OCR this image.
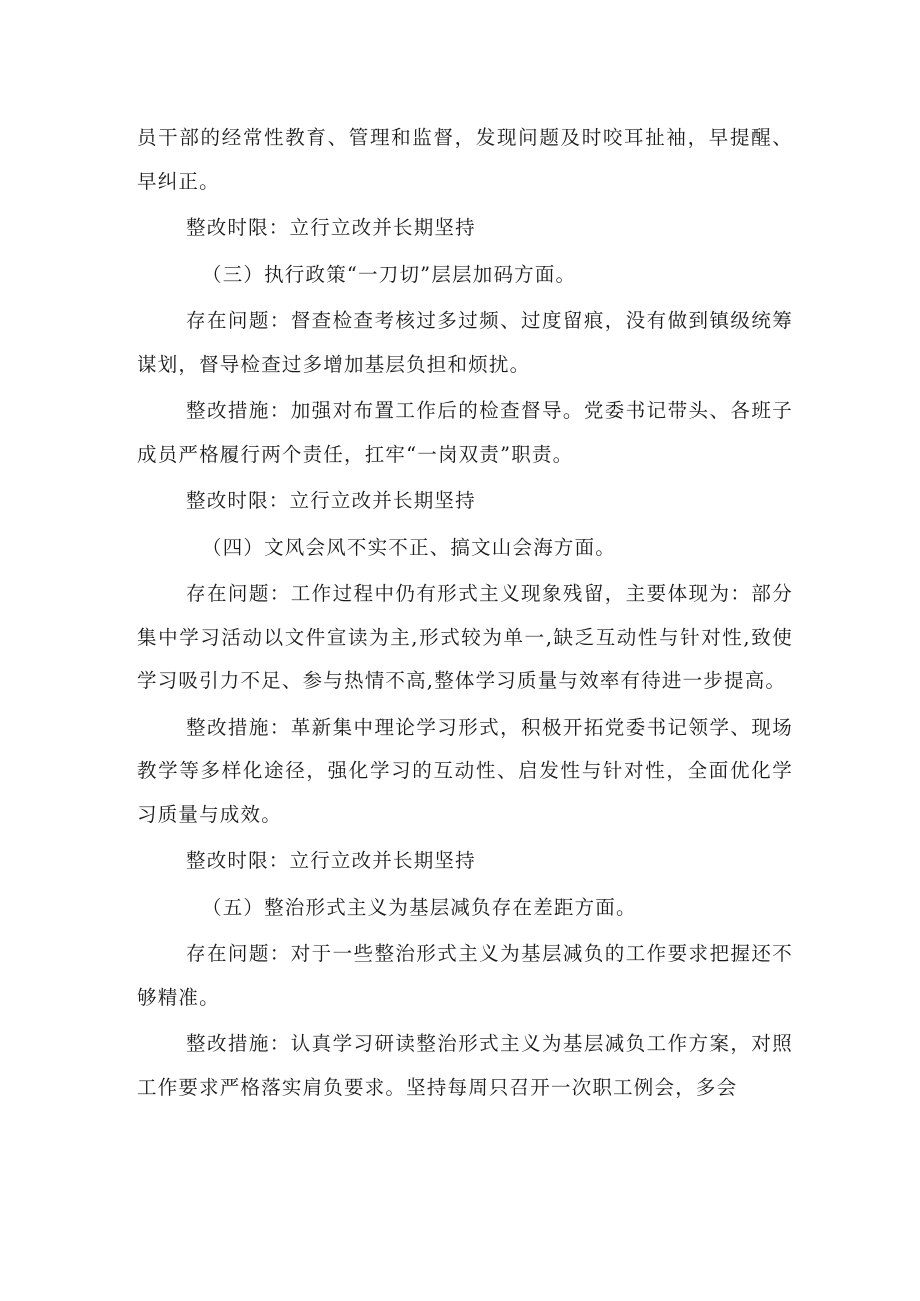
员干部的经常性教育、管理和监督，发现问题及时咬耳扯袖，早提醒、早纠正。

整改时限：立行立改并长期坚持

（三）执行政策“一刀切”层层加码方面。

存在问题：督查检查考核过多过频、过度留痕，没有做到镇级统筹谋划，督导检查过多增加基层负担和烦扰。

整改措施：加强对布置工作后的检查督导。党委书记带头、各班子成员严格履行两个责任，扛牢“一岗双责”职责。

整改时限：立行立改并长期坚持

（四）文风会风不实不正、搞文山会海方面。

存在问题：工作过程中仍有形式主义现象残留，主要体现为：部分集中学习活动以文件宣读为主,形式较为单一,缺乏互动性与针对性,致使学习吸引力不足、参与热情不高,整体学习质量与效率有待进一步提高。

整改措施：革新集中理论学习形式，积极开拓党委书记领学、现场教学等多样化途径，强化学习的互动性、启发性与针对性，全面优化学习质量与成效。

整改时限：立行立改并长期坚持

（五）整治形式主义为基层减负存在差距方面。

存在问题：对于一些整治形式主义为基层减负的工作要求把握还不够精准。

整改措施：认真学习研读整治形式主义为基层减负工作方案，对照工作要求严格落实肩负要求。坚持每周只召开一次职工例会，多会
